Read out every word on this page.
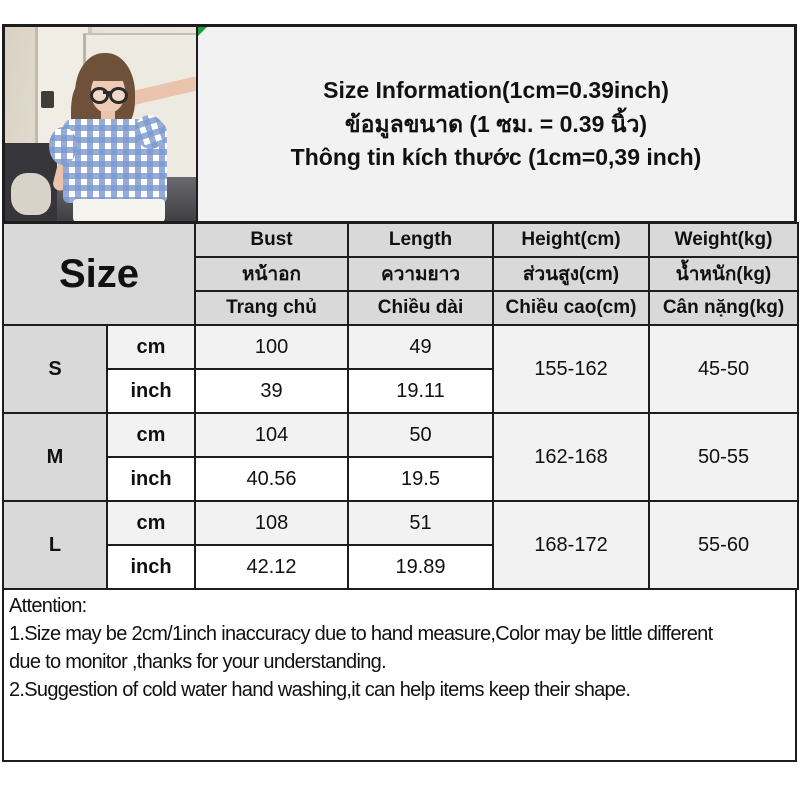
Size Information(1cm=0.39inch)
ข้อมูลขนาด (1 ซม. = 0.39 นิ้ว)
Thông tin kích thước (1cm=0,39 inch)
Size		Bust	Length	Height(cm)	Weight(kg)
		หน้าอก	ความยาว	ส่วนสูง(cm)	น้ำหนัก(kg)
		Trang chủ	Chiều dài	Chiều cao(cm)	Cân nặng(kg)
S	cm	100	49	155-162	45-50
	inch	39	19.11		
M	cm	104	50	162-168	50-55
	inch	40.56	19.5		
L	cm	108	51	168-172	55-60
	inch	42.12	19.89		
Attention:
1.Size may be 2cm/1inch inaccuracy due to hand measure,Color may be little different
due to monitor ,thanks for your understanding.
2.Suggestion of cold water hand washing,it can help items keep their shape.
